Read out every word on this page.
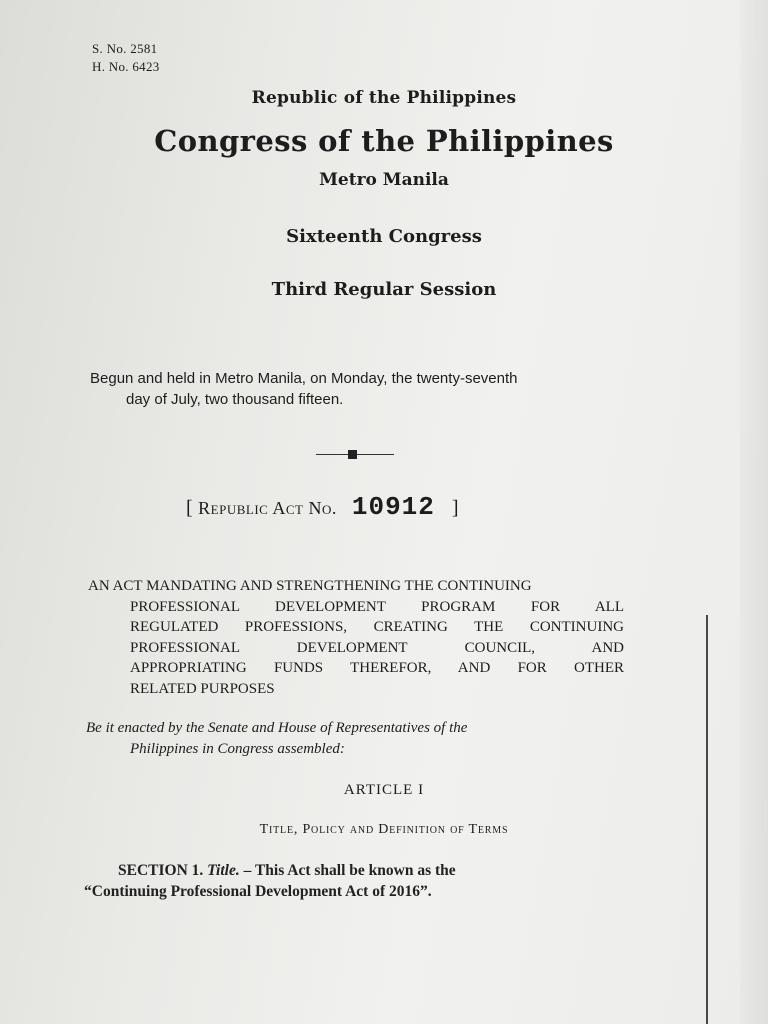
S. No. 2581
H. No. 6423
Republic of the Philippines
Congress of the Philippines
Metro Manila
Sixteenth Congress
Third Regular Session
Begun and held in Metro Manila, on Monday, the twenty-seventh
day of July, two thousand fifteen.
[ Republic Act No. 10912 ]
AN ACT MANDATING AND STRENGTHENING THE CONTINUING
PROFESSIONAL DEVELOPMENT PROGRAM FOR ALL
REGULATED PROFESSIONS, CREATING THE CONTINUING
PROFESSIONAL DEVELOPMENT COUNCIL, AND
APPROPRIATING FUNDS THEREFOR, AND FOR OTHER
RELATED PURPOSES
Be it enacted by the Senate and House of Representatives of the
Philippines in Congress assembled:
ARTICLE I
Title, Policy and Definition of Terms
SECTION 1. Title. – This Act shall be known as the
“Continuing Professional Development Act of 2016”.
